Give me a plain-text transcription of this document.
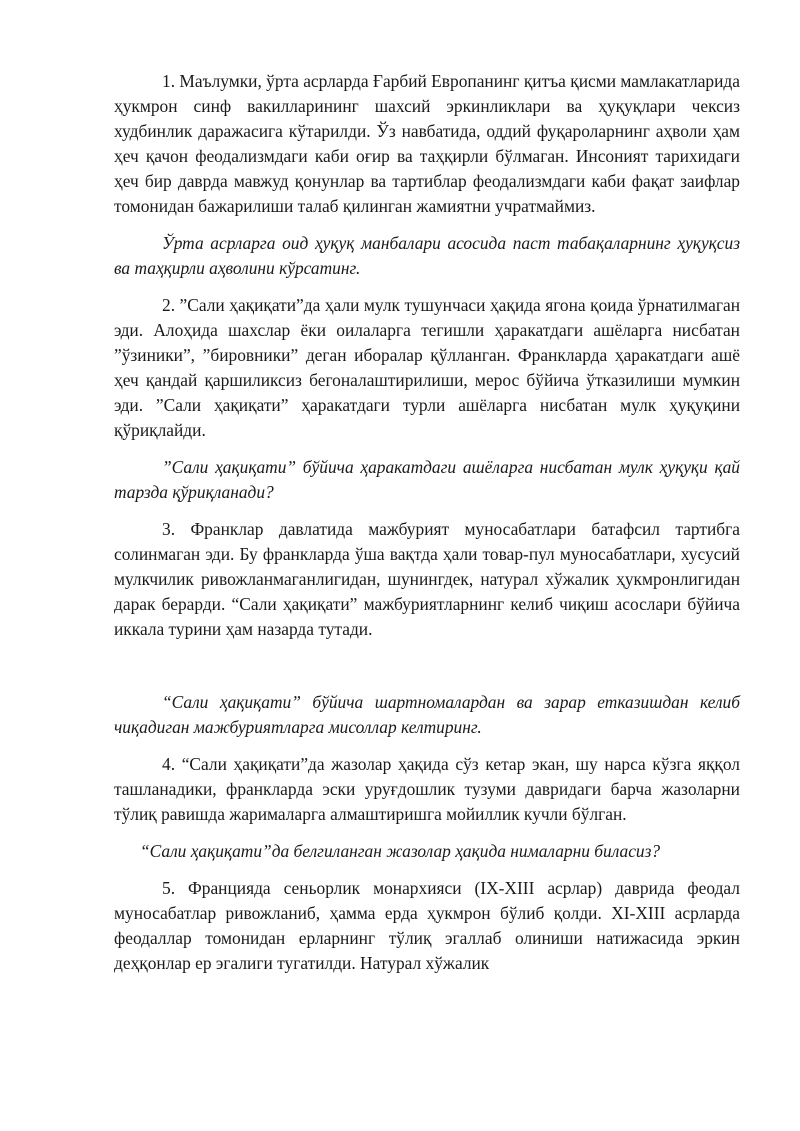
1. Маълумки, ўрта асрларда Ғарбий Европанинг қитъа қисми мамлакатларида ҳукмрон синф вакилларининг шахсий эркинликлари ва ҳуқуқлари чексиз худбинлик даражасига кўтарилди. Ўз навбатида, оддий фуқароларнинг аҳволи ҳам ҳеч қачон феодализмдаги каби оғир ва таҳқирли бўлмаган. Инсоният тарихидаги ҳеч бир даврда мавжуд қонунлар ва тартиблар феодализмдаги каби фақат заифлар томонидан бажарилиши талаб қилинган жамиятни учратмаймиз.

Ўрта асрларга оид ҳуқуқ манбалари асосида паст табақаларнинг ҳуқуқсиз ва таҳқирли аҳволини кўрсатинг.

2. ”Сали ҳақиқати”да ҳали мулк тушунчаси ҳақида ягона қоида ўрнатилмаган эди. Алоҳида шахслар ёки оилаларга тегишли ҳаракатдаги ашёларга нисбатан ”ўзиники”, ”бировники” деган иборалар қўлланган. Франкларда ҳаракатдаги ашё ҳеч қандай қаршиликсиз бегоналаштирилиши, мерос бўйича ўтказилиши мумкин эди. ”Сали ҳақиқати” ҳаракатдаги турли ашёларга нисбатан мулк ҳуқуқини қўриқлайди.

”Сали ҳақиқати” бўйича ҳаракатдаги ашёларга нисбатан мулк ҳуқуқи қай тарзда қўриқланади?

3. Франклар давлатида мажбурият муносабатлари батафсил тартибга солинмаган эди. Бу франкларда ўша вақтда ҳали товар-пул муносабатлари, хусусий мулкчилик ривожланмаганлигидан, шунингдек, натурал хўжалик ҳукмронлигидан дарак берарди. “Сали ҳақиқати” мажбуриятларнинг келиб чиқиш асослари бўйича иккала турини ҳам назарда тутади.

“Сали ҳақиқати” бўйича шартномалардан ва зарар етказишдан келиб чиқадиган мажбуриятларга мисоллар келтиринг.

4. “Сали ҳақиқати”да жазолар ҳақида сўз кетар экан, шу нарса кўзга яққол ташланадики, франкларда эски уруғдошлик тузуми давридаги барча жазоларни тўлиқ равишда жарималарга алмаштиришга мойиллик кучли бўлган.

“Сали ҳақиқати”да белгиланган жазолар ҳақида нималарни биласиз?

5. Францияда сеньорлик монархияси (IX-XIII асрлар) даврида феодал муносабатлар ривожланиб, ҳамма ерда ҳукмрон бўлиб қолди. XI-XIII асрларда феодаллар томонидан ерларнинг тўлиқ эгаллаб олиниши натижасида эркин деҳқонлар ер эгалиги тугатилди. Натурал хўжалик
